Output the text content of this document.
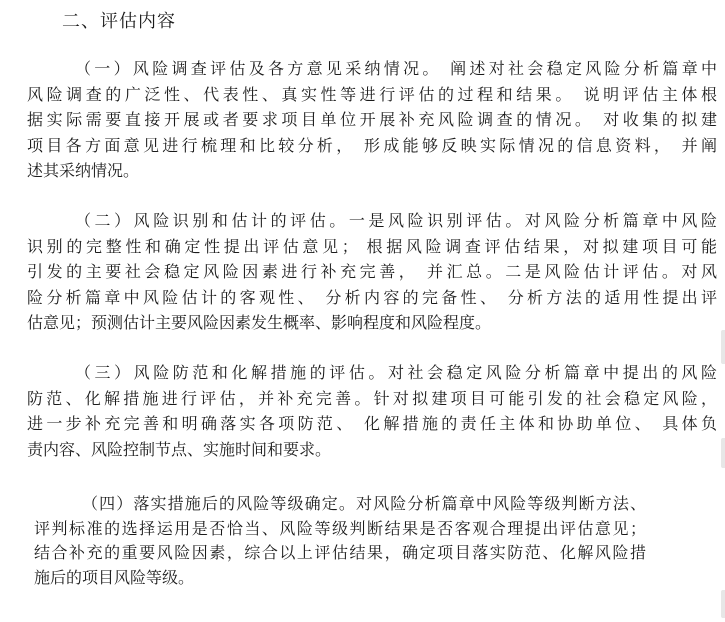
二、评估内容
（一）风险调查评估及各方意见采纳情况。 阐述对社会稳定风险分析篇章中
风险调查的广泛性、代表性、真实性等进行评估的过程和结果。 说明评估主体根
据实际需要直接开展或者要求项目单位开展补充风险调查的情况。 对收集的拟建
项目各方面意见进行梳理和比较分析， 形成能够反映实际情况的信息资料， 并阐
述其采纳情况。
（二）风险识别和估计的评估。一是风险识别评估。对风险分析篇章中风险
识别的完整性和确定性提出评估意见； 根据风险调查评估结果，对拟建项目可能
引发的主要社会稳定风险因素进行补充完善， 并汇总。二是风险估计评估。对风
险分析篇章中风险估计的客观性、 分析内容的完备性、 分析方法的适用性提出评
估意见；预测估计主要风险因素发生概率、影响程度和风险程度。
（三）风险防范和化解措施的评估。对社会稳定风险分析篇章中提出的风险
防范、化解措施进行评估，并补充完善。针对拟建项目可能引发的社会稳定风险，
进一步补充完善和明确落实各项防范、 化解措施的责任主体和协助单位、 具体负
责内容、风险控制节点、实施时间和要求。
（四）落实措施后的风险等级确定。对风险分析篇章中风险等级判断方法、
评判标准的选择运用是否恰当、风险等级判断结果是否客观合理提出评估意见；
结合补充的重要风险因素，综合以上评估结果，确定项目落实防范、化解风险措
施后的项目风险等级。
